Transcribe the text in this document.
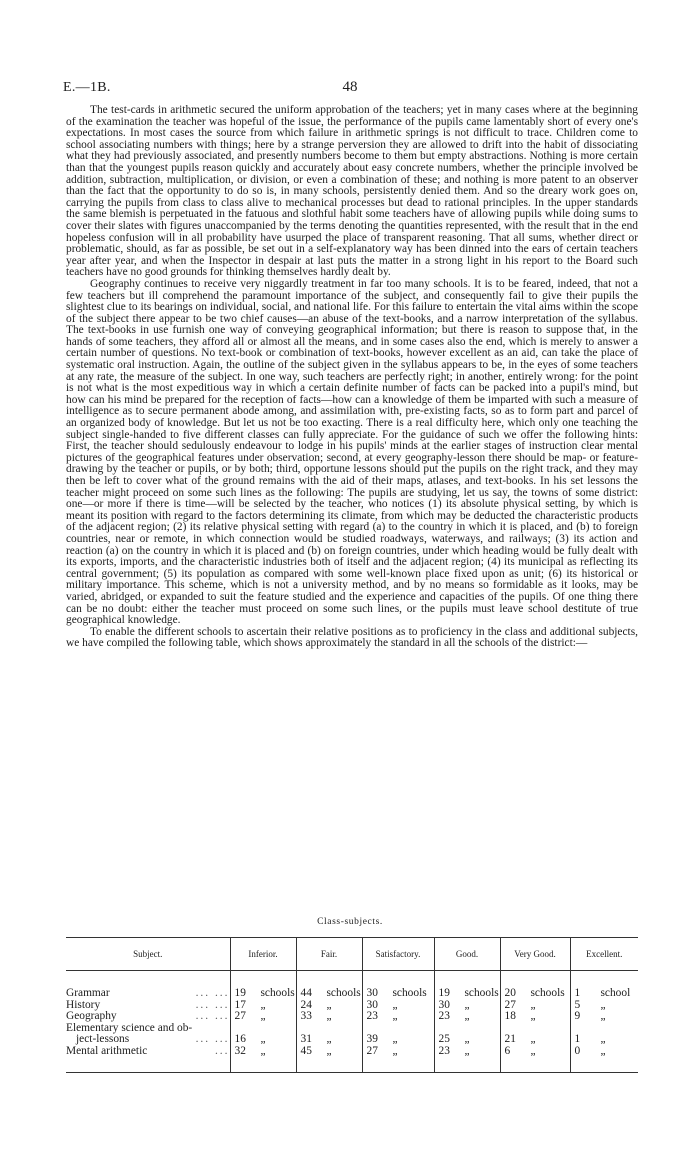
E.—1B.	48

The test-cards in arithmetic secured the uniform approbation of the teachers; yet in many cases where at the beginning of the examination the teacher was hopeful of the issue, the performance of the pupils came lamentably short of every one's expectations. In most cases the source from which failure in arithmetic springs is not difficult to trace. Children come to school associating numbers with things; here by a strange perversion they are allowed to drift into the habit of dissociating what they had previously associated, and presently numbers become to them but empty abstractions. Nothing is more certain than that the youngest pupils reason quickly and accurately about easy concrete numbers, whether the principle involved be addition, subtraction, multiplication, or division, or even a combination of these; and nothing is more patent to an observer than the fact that the opportunity to do so is, in many schools, persistently denied them. And so the dreary work goes on, carrying the pupils from class to class alive to mechanical processes but dead to rational principles. In the upper standards the same blemish is perpetuated in the fatuous and slothful habit some teachers have of allowing pupils while doing sums to cover their slates with figures unaccompanied by the terms denoting the quantities represented, with the result that in the end hopeless confusion will in all probability have usurped the place of transparent reasoning. That all sums, whether direct or problematic, should, as far as possible, be set out in a self-explanatory way has been dinned into the ears of certain teachers year after year, and when the Inspector in despair at last puts the matter in a strong light in his report to the Board such teachers have no good grounds for thinking themselves hardly dealt by.

Geography continues to receive very niggardly treatment in far too many schools. It is to be feared, indeed, that not a few teachers but ill comprehend the paramount importance of the subject, and consequently fail to give their pupils the slightest clue to its bearings on individual, social, and national life. For this failure to entertain the vital aims within the scope of the subject there appear to be two chief causes—an abuse of the text-books, and a narrow interpretation of the syllabus. The text-books in use furnish one way of conveying geographical information; but there is reason to suppose that, in the hands of some teachers, they afford all or almost all the means, and in some cases also the end, which is merely to answer a certain number of questions. No text-book or combination of text-books, however excellent as an aid, can take the place of systematic oral instruction. Again, the outline of the subject given in the syllabus appears to be, in the eyes of some teachers at any rate, the measure of the subject. In one way, such teachers are perfectly right; in another, entirely wrong: for the point is not what is the most expeditious way in which a certain definite number of facts can be packed into a pupil's mind, but how can his mind be prepared for the reception of facts—how can a knowledge of them be imparted with such a measure of intelligence as to secure permanent abode among, and assimilation with, pre-existing facts, so as to form part and parcel of an organized body of knowledge. But let us not be too exacting. There is a real difficulty here, which only one teaching the subject single-handed to five different classes can fully appreciate. For the guidance of such we offer the following hints: First, the teacher should sedulously endeavour to lodge in his pupils' minds at the earlier stages of instruction clear mental pictures of the geographical features under observation; second, at every geography-lesson there should be map- or feature-drawing by the teacher or pupils, or by both; third, opportune lessons should put the pupils on the right track, and they may then be left to cover what of the ground remains with the aid of their maps, atlases, and text-books. In his set lessons the teacher might proceed on some such lines as the following: The pupils are studying, let us say, the towns of some district: one—or more if there is time—will be selected by the teacher, who notices (1) its absolute physical setting, by which is meant its position with regard to the factors determining its climate, from which may be deducted the characteristic products of the adjacent region; (2) its relative physical setting with regard (a) to the country in which it is placed, and (b) to foreign countries, near or remote, in which connection would be studied roadways, waterways, and railways; (3) its action and reaction (a) on the country in which it is placed and (b) on foreign countries, under which heading would be fully dealt with its exports, imports, and the characteristic industries both of itself and the adjacent region; (4) its municipal as reflecting its central government; (5) its population as compared with some well-known place fixed upon as unit; (6) its historical or military importance. This scheme, which is not a university method, and by no means so formidable as it looks, may be varied, abridged, or expanded to suit the feature studied and the experience and capacities of the pupils. Of one thing there can be no doubt: either the teacher must proceed on some such lines, or the pupils must leave school destitute of true geographical knowledge.

To enable the different schools to ascertain their relative positions as to proficiency in the class and additional subjects, we have compiled the following table, which shows approximately the standard in all the schools of the district:—

Class-subjects.
Subject.	Inferior.	Fair.	Satisfactory.	Good.	Very Good.	Excellent.

Grammar ... ...	19 schools	44 schools	30 schools	19 schools	20 schools	1 school

History ... ...	17 „	24 „	30 „	30 „	27 „	5 „

Geography ... ...	27 „	33 „	23 „	23 „	18 „	9 „

Elementary science and ob-
ject-lessons ... ...	16 „	31 „	39 „	25 „	21 „	1 „

Mental arithmetic ...	32 „	45 „	27 „	23 „	6 „	0 „
